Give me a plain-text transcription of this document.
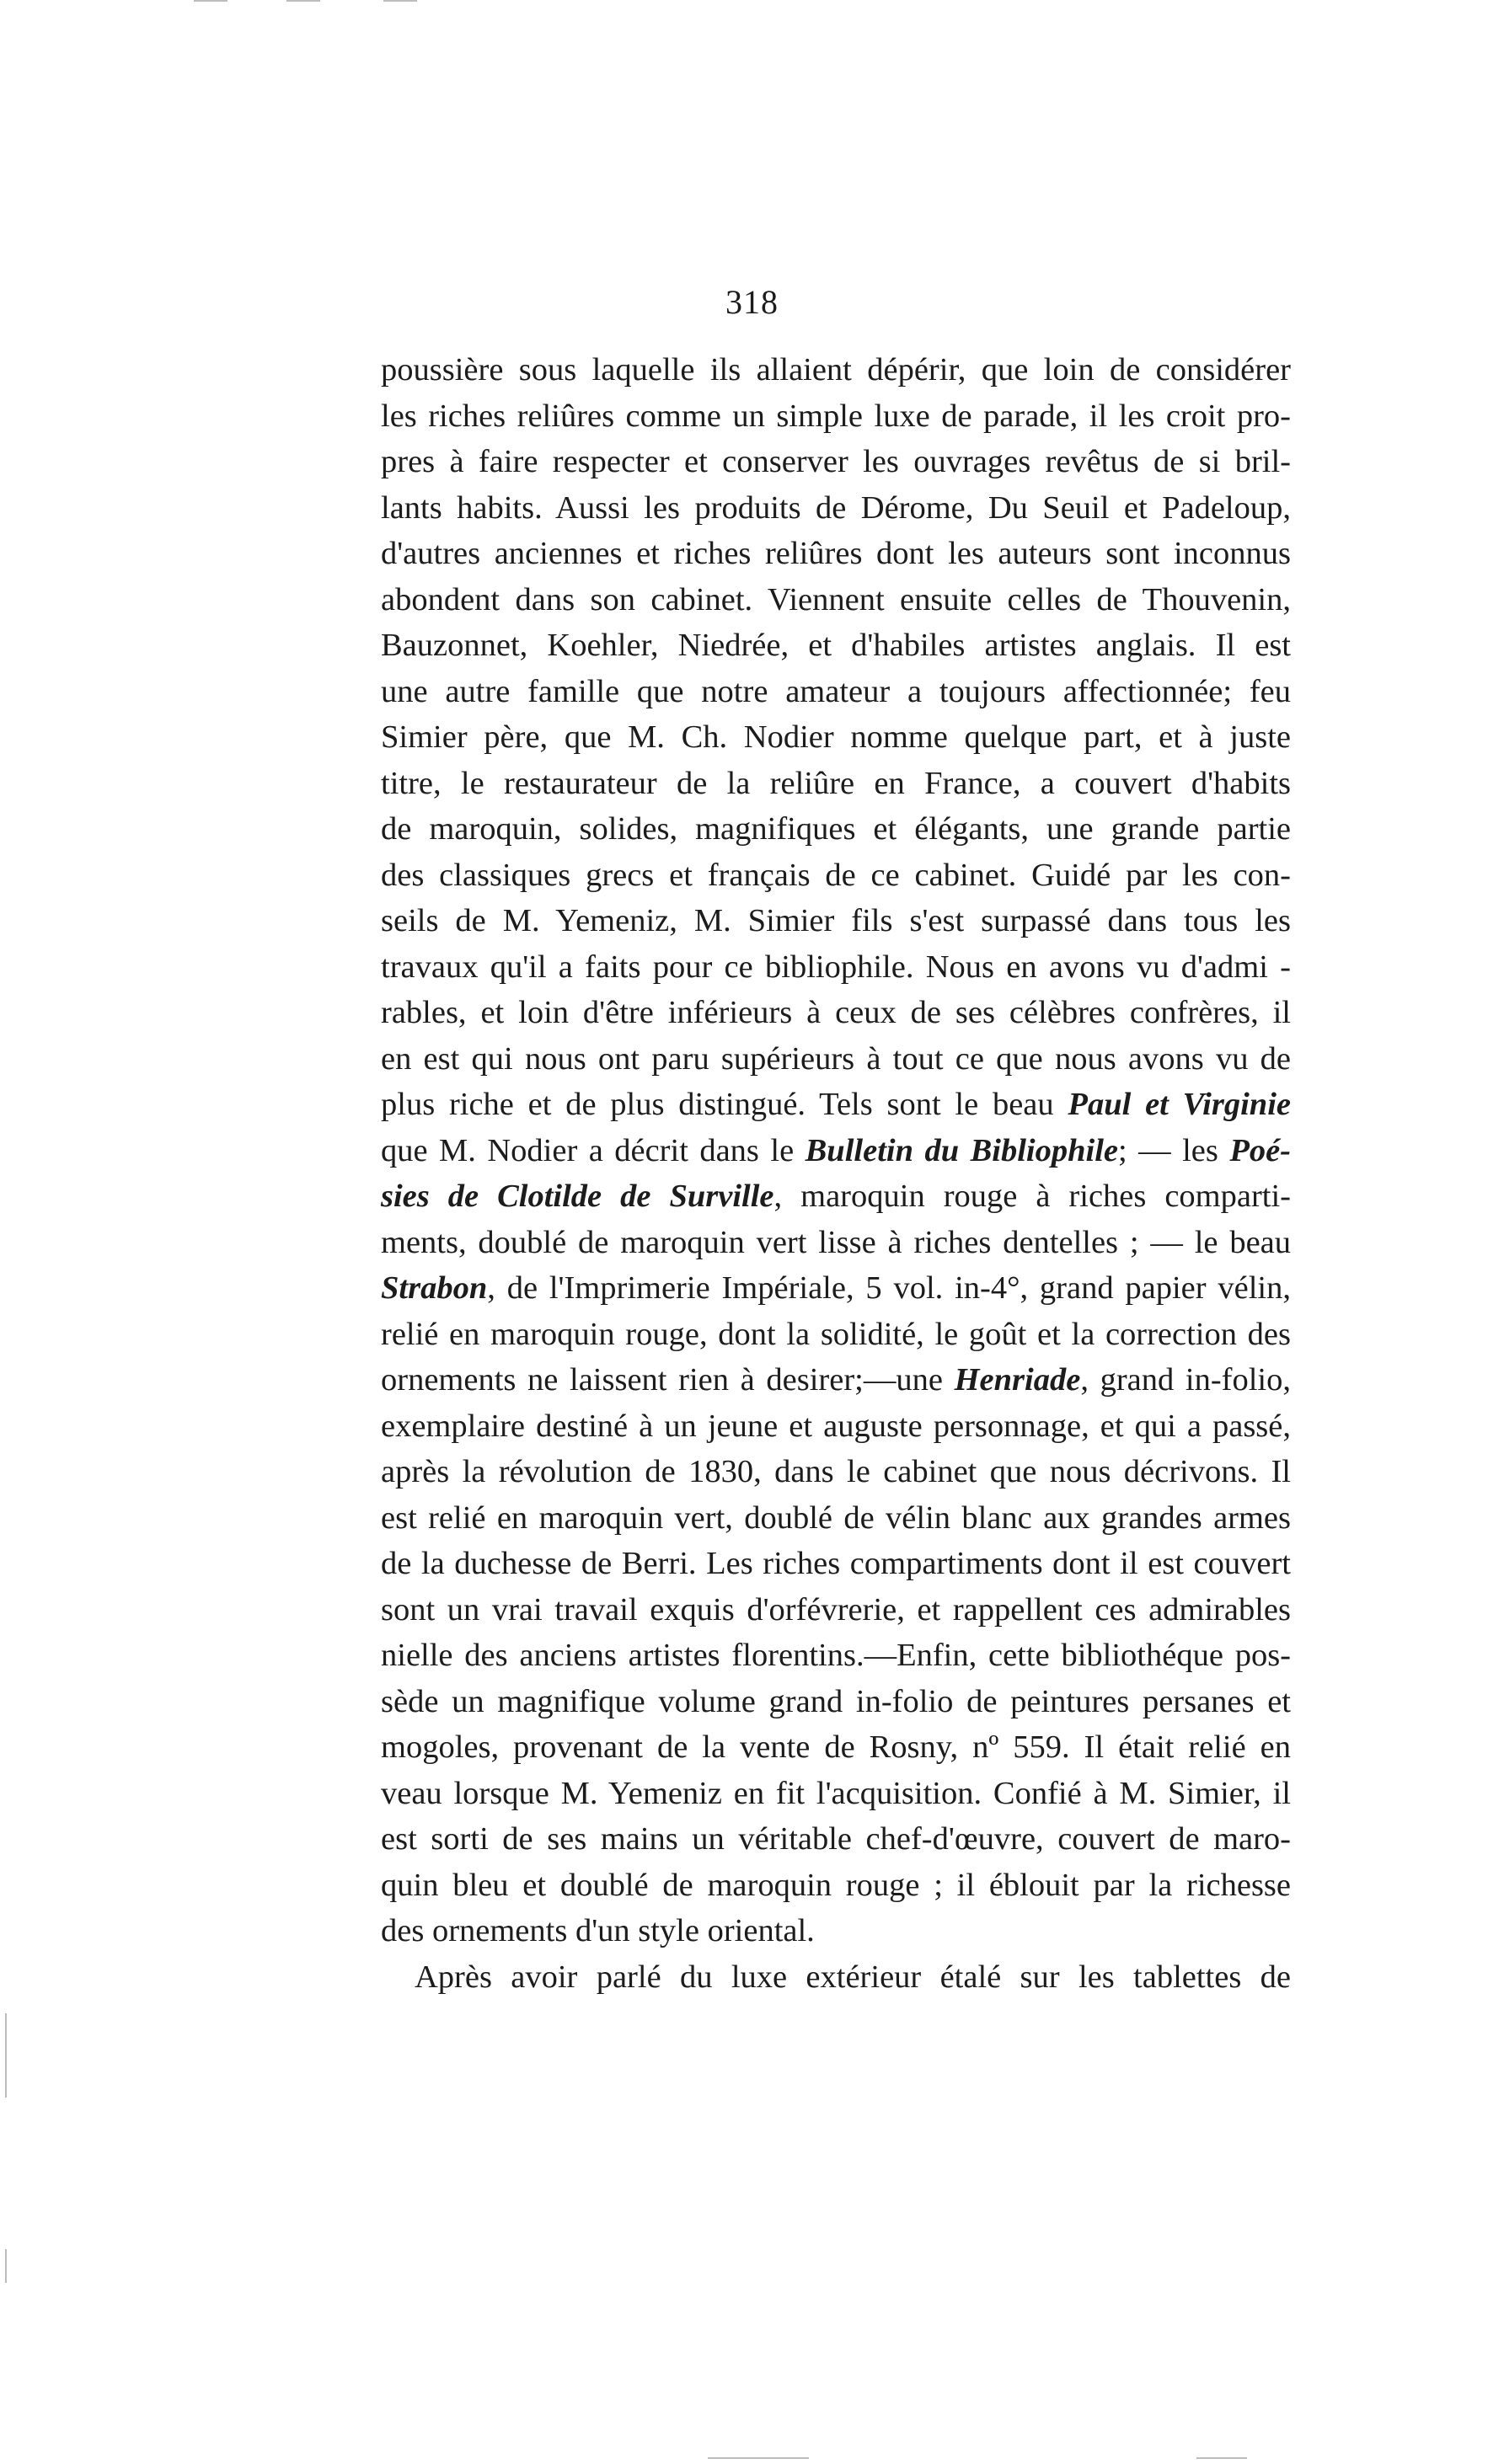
318
poussière sous laquelle ils allaient dépérir, que loin de considérer
les riches reliûres comme un simple luxe de parade, il les croit pro-
pres à faire respecter et conserver les ouvrages revêtus de si bril-
lants habits. Aussi les produits de Dérome, Du Seuil et Padeloup,
d'autres anciennes et riches reliûres dont les auteurs sont inconnus
abondent dans son cabinet. Viennent ensuite celles de Thouvenin,
Bauzonnet, Koehler, Niedrée, et d'habiles artistes anglais. Il est
une autre famille que notre amateur a toujours affectionnée; feu
Simier père, que M. Ch. Nodier nomme quelque part, et à juste
titre, le restaurateur de la reliûre en France, a couvert d'habits
de maroquin, solides, magnifiques et élégants, une grande partie
des classiques grecs et français de ce cabinet. Guidé par les con-
seils de M. Yemeniz, M. Simier fils s'est surpassé dans tous les
travaux qu'il a faits pour ce bibliophile. Nous en avons vu d'admi -
rables, et loin d'être inférieurs à ceux de ses célèbres confrères, il
en est qui nous ont paru supérieurs à tout ce que nous avons vu de
plus riche et de plus distingué. Tels sont le beau Paul et Virginie
que M. Nodier a décrit dans le Bulletin du Bibliophile; — les Poé-
sies de Clotilde de Surville, maroquin rouge à riches comparti-
ments, doublé de maroquin vert lisse à riches dentelles ; — le beau
Strabon, de l'Imprimerie Impériale, 5 vol. in-4°, grand papier vélin,
relié en maroquin rouge, dont la solidité, le goût et la correction des
ornements ne laissent rien à desirer;—une Henriade, grand in-folio,
exemplaire destiné à un jeune et auguste personnage, et qui a passé,
après la révolution de 1830, dans le cabinet que nous décrivons. Il
est relié en maroquin vert, doublé de vélin blanc aux grandes armes
de la duchesse de Berri. Les riches compartiments dont il est couvert
sont un vrai travail exquis d'orfévrerie, et rappellent ces admirables
nielle des anciens artistes florentins.—Enfin, cette bibliothéque pos-
sède un magnifique volume grand in-folio de peintures persanes et
mogoles, provenant de la vente de Rosny, nº 559. Il était relié en
veau lorsque M. Yemeniz en fit l'acquisition. Confié à M. Simier, il
est sorti de ses mains un véritable chef-d'œuvre, couvert de maro-
quin bleu et doublé de maroquin rouge ; il éblouit par la richesse
des ornements d'un style oriental.
Après avoir parlé du luxe extérieur étalé sur les tablettes de
